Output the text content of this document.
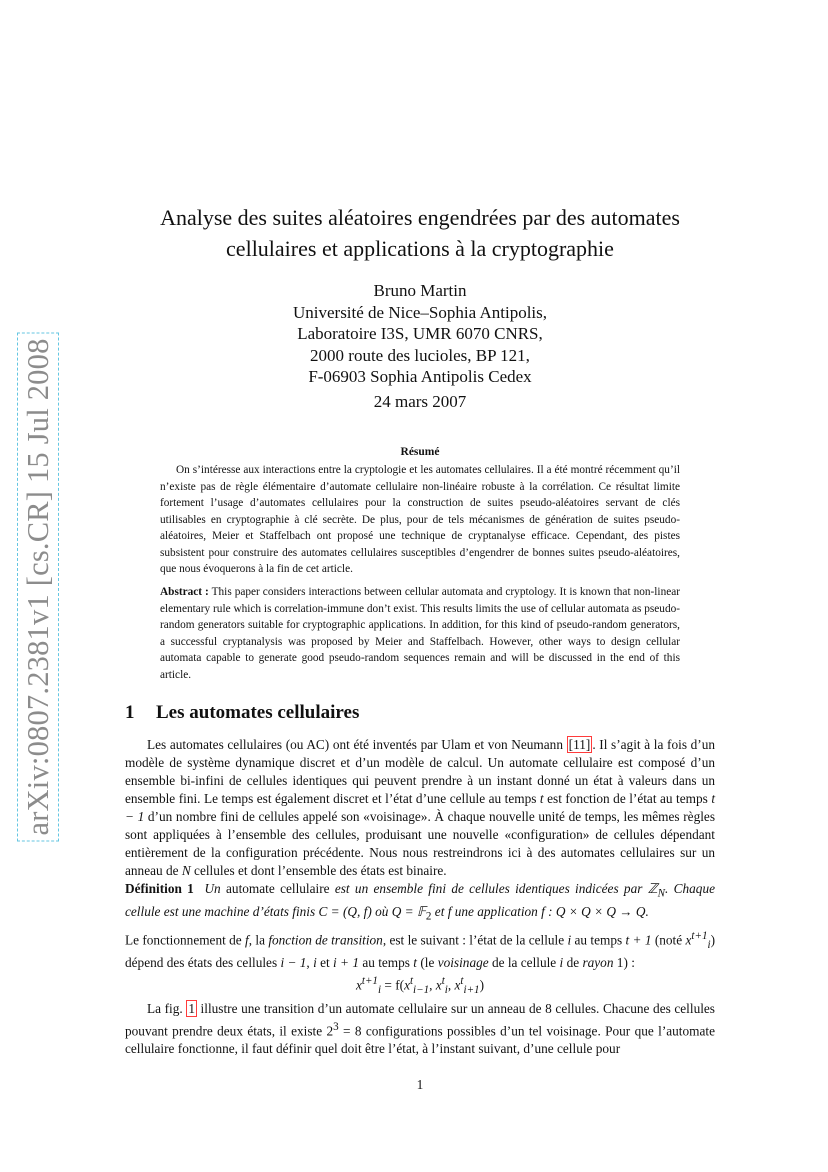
arXiv:0807.2381v1 [cs.CR] 15 Jul 2008
Analyse des suites aléatoires engendrées par des automates
cellulaires et applications à la cryptographie
Bruno Martin
Université de Nice–Sophia Antipolis,
Laboratoire I3S, UMR 6070 CNRS,
2000 route des lucioles, BP 121,
F-06903 Sophia Antipolis Cedex
24 mars 2007
Résumé
On s’intéresse aux interactions entre la cryptologie et les automates cellulaires. Il a été montré récemment qu’il n’existe pas de règle élémentaire d’automate cellulaire non-linéaire robuste à la corrélation. Ce résultat limite fortement l’usage d’automates cellulaires pour la construction de suites pseudo-aléatoires servant de clés utilisables en cryptographie à clé secrète. De plus, pour de tels mécanismes de génération de suites pseudo-aléatoires, Meier et Staffelbach ont proposé une technique de cryptanalyse efficace. Cependant, des pistes subsistent pour construire des automates cellulaires susceptibles d’engendrer de bonnes suites pseudo-aléatoires, que nous évoquerons à la fin de cet article.
Abstract : This paper considers interactions between cellular automata and cryptology. It is known that non-linear elementary rule which is correlation-immune don’t exist. This results limits the use of cellular automata as pseudo-random generators suitable for cryptographic applications. In addition, for this kind of pseudo-random generators, a successful cryptanalysis was proposed by Meier and Staffelbach. However, other ways to design cellular automata capable to generate good pseudo-random sequences remain and will be discussed in the end of this article.
1 Les automates cellulaires
Les automates cellulaires (ou AC) ont été inventés par Ulam et von Neumann [11] . Il s’agit à la fois d’un modèle de système dynamique discret et d’un modèle de calcul. Un automate cellulaire est composé d’un ensemble bi-infini de cellules identiques qui peuvent prendre à un instant donné un état à valeurs dans un ensemble fini. Le temps est également discret et l’état d’une cellule au temps t est fonction de l’état au temps t − 1 d’un nombre fini de cellules appelé son «voisinage». À chaque nouvelle unité de temps, les mêmes règles sont appliquées à l’ensemble des cellules, produisant une nouvelle «configuration» de cellules dépendant entièrement de la configuration précédente. Nous nous restreindrons ici à des automates cellulaires sur un anneau de N cellules et dont l’ensemble des états est binaire.
Définition 1 Un automate cellulaire est un ensemble fini de cellules identiques indicées par ℤ$_N$. Chaque cellule est une machine d’états finis C = (Q, f) où Q = 𝔽$_2$ et f une application f : Q × Q × Q → Q.
Le fonctionnement de f, la fonction de transition, est le suivant : l’état de la cellule i au temps t + 1 (noté $x^{t+1}_i$) dépend des états des cellules i − 1, i et i + 1 au temps t (le voisinage de la cellule i de rayon 1) :
$x^{t+1}_i = f(x^t_{i-1}$, $x^t_i$, $x^t_{i+1}$)
La fig. 1 illustre une transition d’un automate cellulaire sur un anneau de 8 cellules. Chacune des cellules pouvant prendre deux états, il existe $2^3 = 8$ configurations possibles d’un tel voisinage. Pour que l’automate cellulaire fonctionne, il faut définir quel doit être l’état, à l’instant suivant, d’une cellule pour
1
